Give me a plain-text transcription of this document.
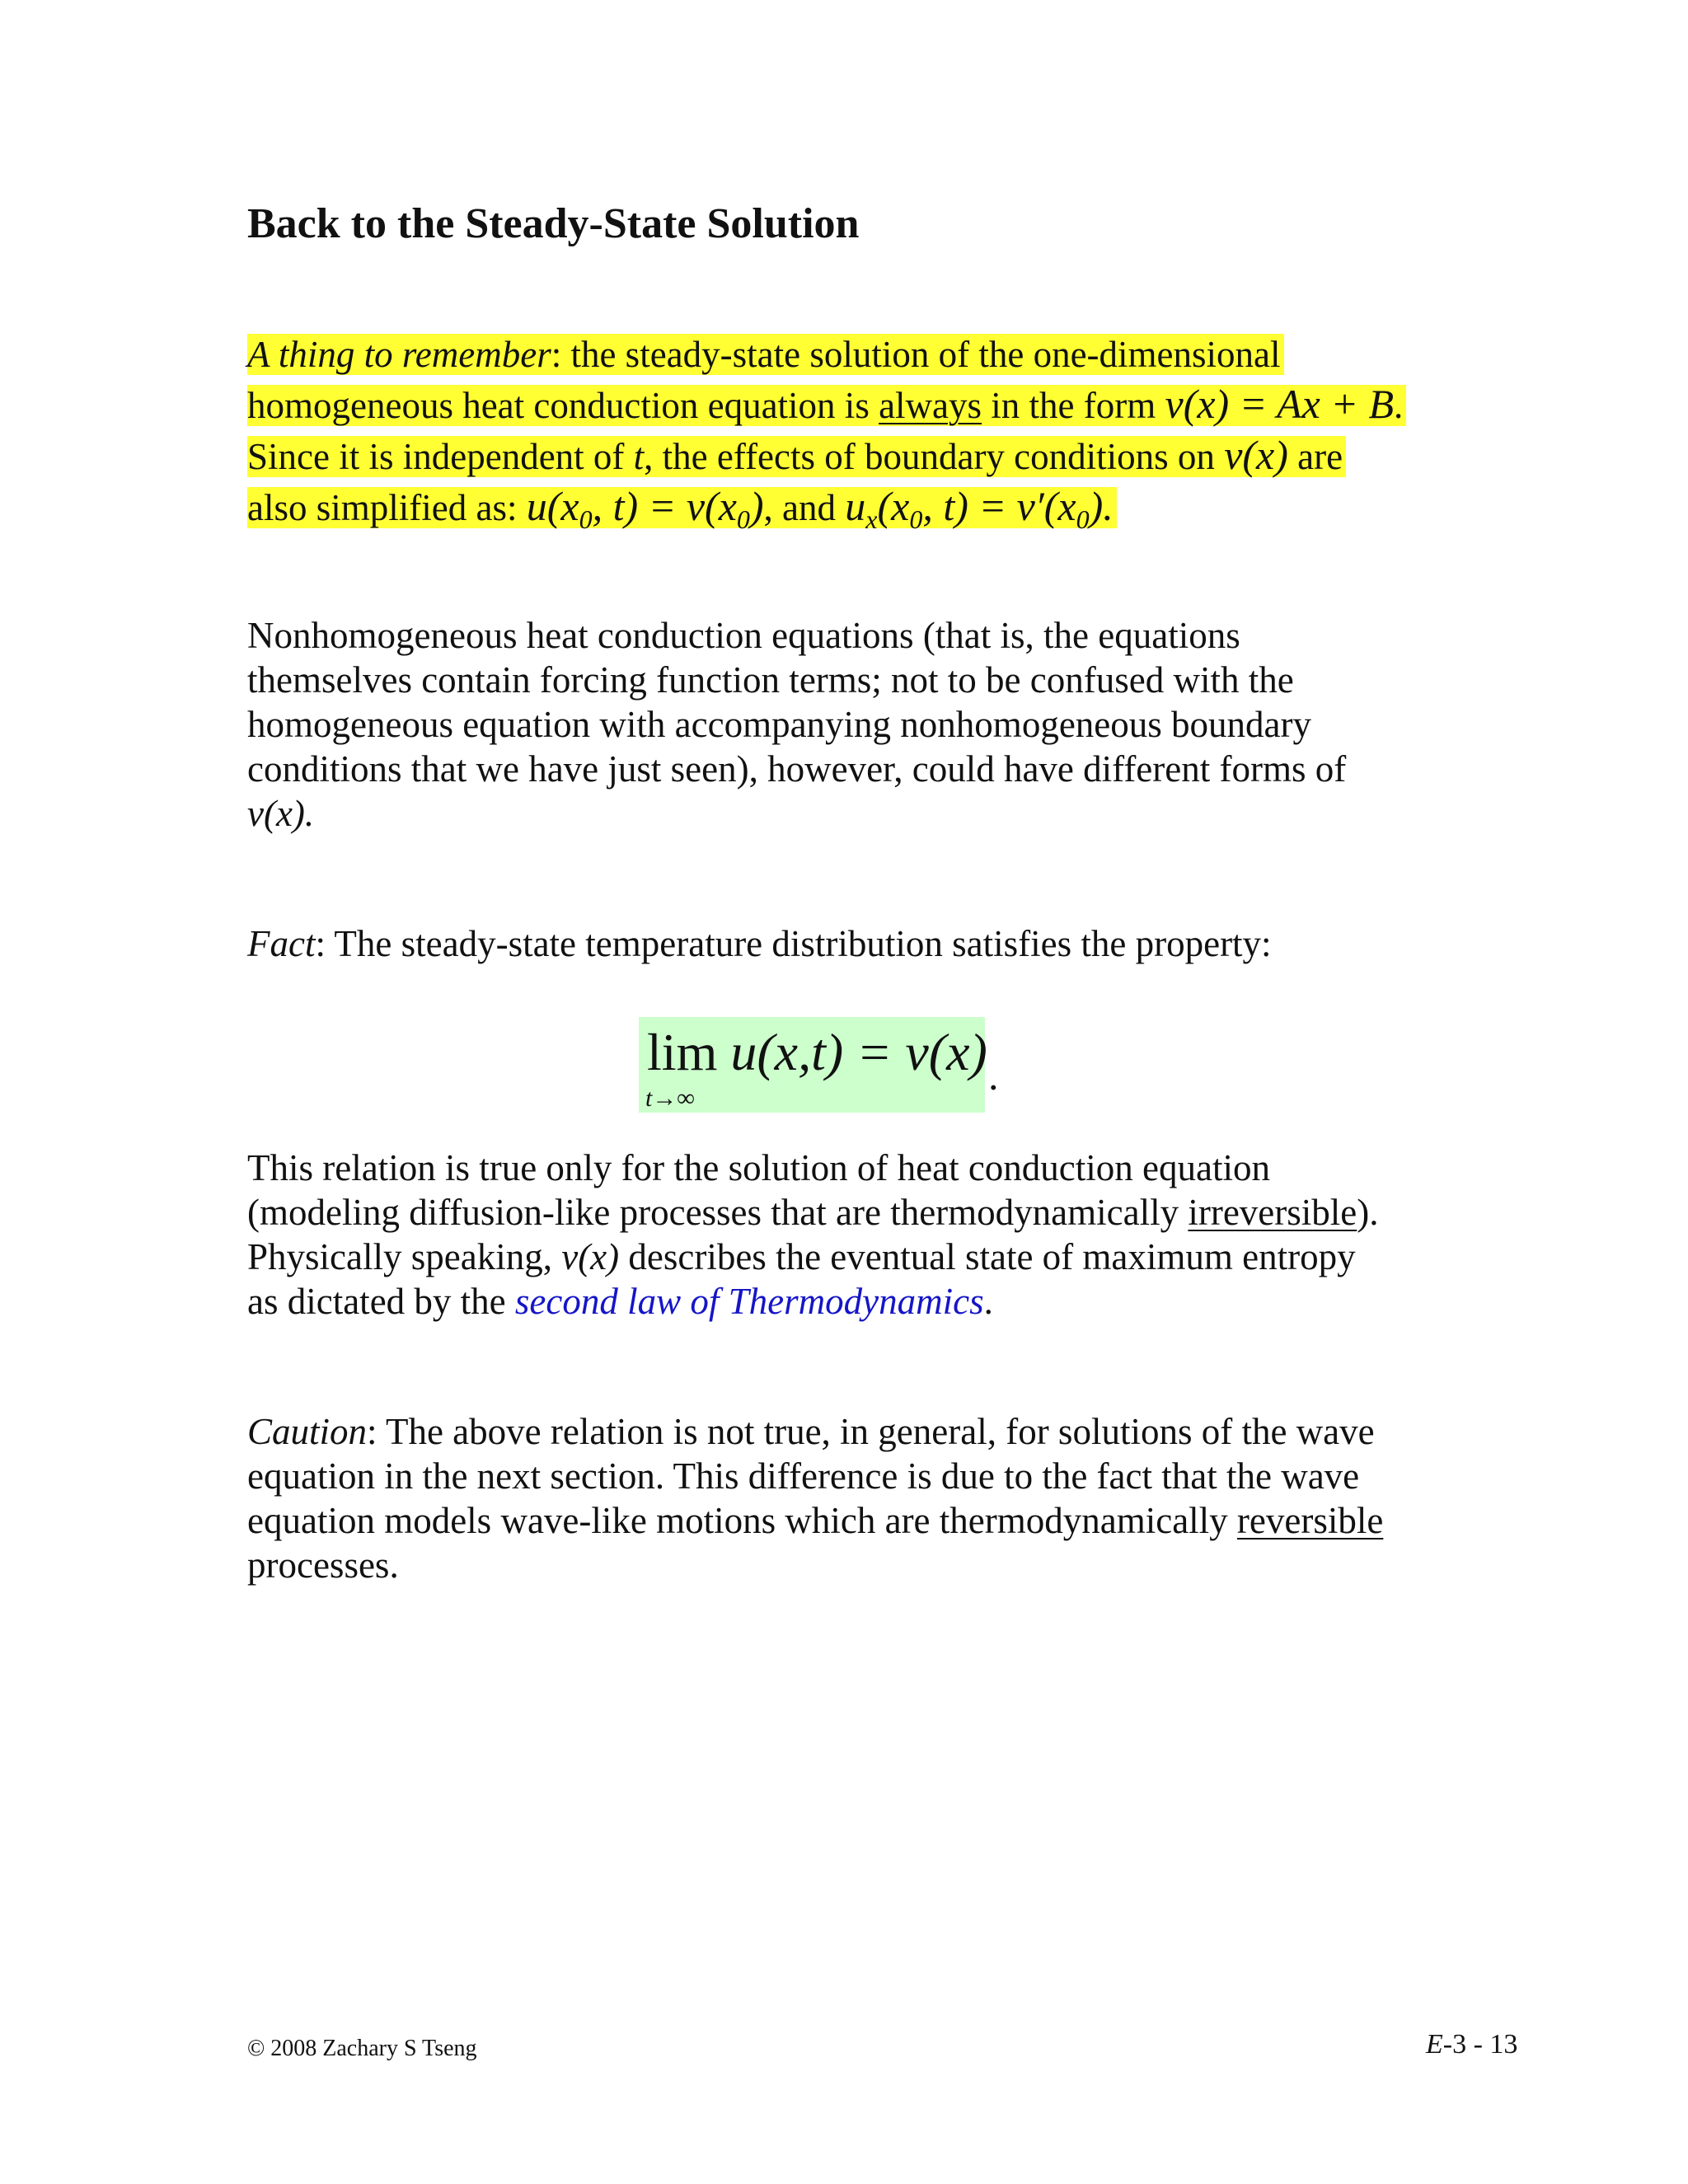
Back to the Steady-State Solution
A thing to remember: the steady-state solution of the one-dimensional
homogeneous heat conduction equation is always in the form v(x) = Ax + B.
Since it is independent of t, the effects of boundary conditions on v(x) are
also simplified as: $u(x_0$, $t) = v(x_0)$, and $u_x(x_0$, $t) = v'(x_0)$.
Nonhomogeneous heat conduction equations (that is, the equations
themselves contain forcing function terms; not to be confused with the
homogeneous equation with accompanying nonhomogeneous boundary
conditions that we have just seen), however, could have different forms of
v(x).
Fact: The steady-state temperature distribution satisfies the property:
lim u(x,t) = v(x)
t→∞	.
This relation is true only for the solution of heat conduction equation
(modeling diffusion-like processes that are thermodynamically irreversible).
Physically speaking, v(x) describes the eventual state of maximum entropy
as dictated by the second law of Thermodynamics.
Caution: The above relation is not true, in general, for solutions of the wave
equation in the next section. This difference is due to the fact that the wave
equation models wave-like motions which are thermodynamically reversible
processes.
© 2008 Zachary S Tseng	E-3 - 13
